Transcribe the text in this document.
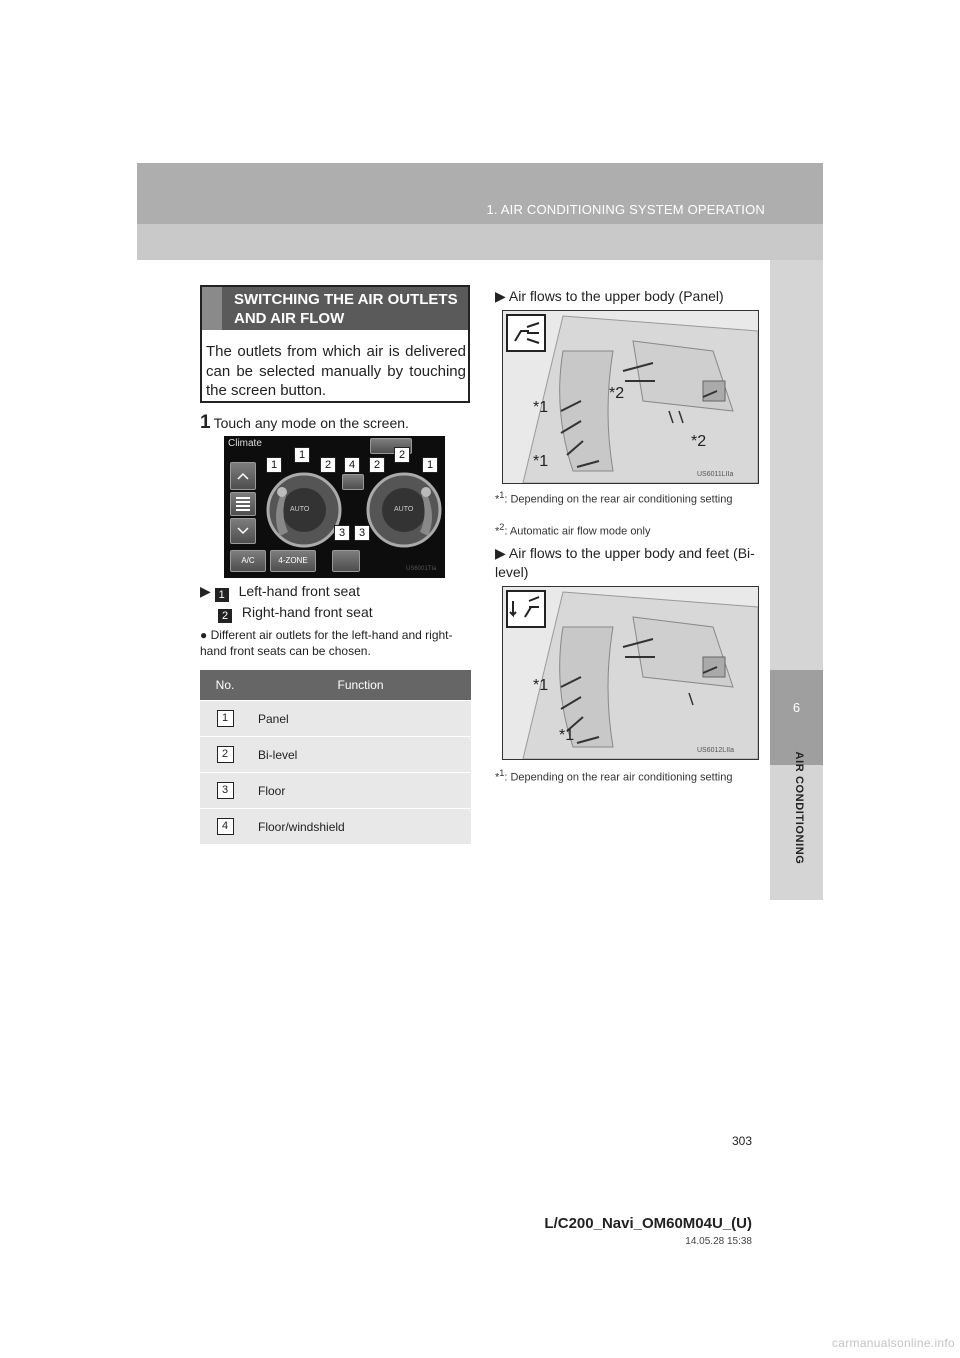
1. AIR CONDITIONING SYSTEM OPERATION
6
AIR CONDITIONING
SWITCHING THE AIR OUTLETS
AND AIR FLOW
The outlets from which air is delivered can be selected manually by touching the screen button.
1 Touch any mode on the screen.
Climate
AUTO	AUTO
A/C	4-ZONE
1
1
2	4	2
2
1
3	3
US6001TIa
▶ 1 Left-hand front seat
2 Right-hand front seat
● Different air outlets for the left-hand and right-hand front seats can be chosen.
No.	Function
1	Panel
2	Bi-level
3	Floor
4	Floor/windshield
▶ Air flows to the upper body (Panel)
*1
*2
*1
*2
US6011LIIa
*$^1$: Depending on the rear air conditioning setting
*$^2$: Automatic air flow mode only
▶ Air flows to the upper body and feet (Bi-level)
*1
*1
US6012LIIa
*$^1$: Depending on the rear air conditioning setting
303
L/C200_Navi_OM60M04U_(U)
14.05.28 15:38
carmanualsonline.info
